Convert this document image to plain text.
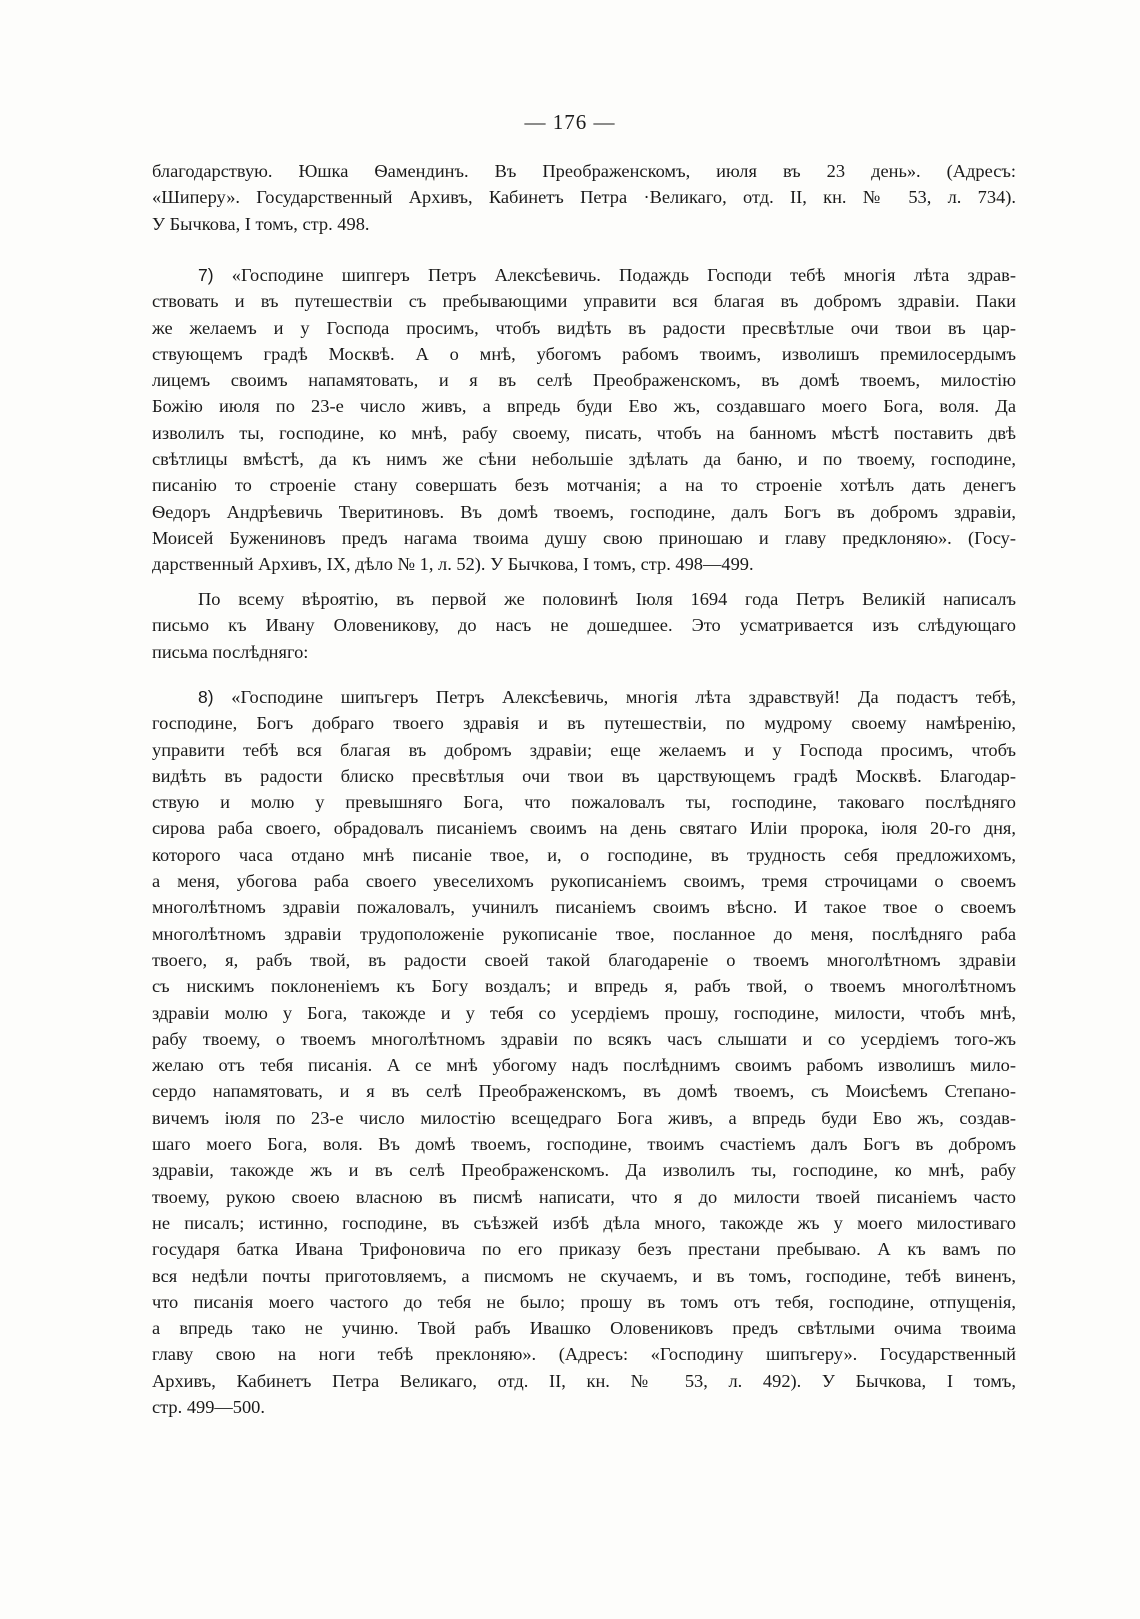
— 176 —
благодарствую. Юшка Ѳамендинъ. Въ Преображенскомъ, июля въ 23 день». (Адресъ:
«Шиперу». Государственный Архивъ, Кабинетъ Петра ·Великаго, отд. II, кн. № 53, л. 734).
У Бычкова, I томъ, стр. 498.
7) «Господине шипгеръ Петръ Алексѣевичь. Подаждь Господи тебѣ многія лѣта здрав-
ствовать и въ путешествіи съ пребывающими управити вся благая въ добромъ здравіи. Паки
же желаемъ и у Господа просимъ, чтобъ видѣть въ радости пресвѣтлые очи твои въ цар-
ствующемъ градѣ Москвѣ. А о мнѣ, убогомъ рабомъ твоимъ, изволишъ премилосердымъ
лицемъ своимъ напамятовать, и я въ селѣ Преображенскомъ, въ домѣ твоемъ, милостію
Божію июля по 23-е число живъ, а впредь буди Ево жъ, создавшаго моего Бога, воля. Да
изволилъ ты, господине, ко мнѣ, рабу своему, писать, чтобъ на банномъ мѣстѣ поставить двѣ
свѣтлицы вмѣстѣ, да къ нимъ же сѣни небольшіе здѣлать да баню, и по твоему, господине,
писанію то строеніе стану совершать безъ мотчанія; а на то строеніе хотѣлъ дать денегъ
Ѳедоръ Андрѣевичь Тверитиновъ. Въ домѣ твоемъ, господине, далъ Богъ въ добромъ здравіи,
Моисей Бужениновъ предъ нагама твоима душу свою приношаю и главу предклоняю». (Госу-
дарственный Архивъ, IX, дѣло № 1, л. 52). У Бычкова, I томъ, стр. 498—499.
По всему вѣроятію, въ первой же половинѣ Іюля 1694 года Петръ Великій написалъ
письмо къ Ивану Оловеникову, до насъ не дошедшее. Это усматривается изъ слѣдующаго
письма послѣдняго:
8) «Господине шипъгеръ Петръ Алексѣевичь, многія лѣта здравствуй! Да подастъ тебѣ,
господине, Богъ добраго твоего здравія и въ путешествіи, по мудрому своему намѣренію,
управити тебѣ вся благая въ добромъ здравіи; еще желаемъ и у Господа просимъ, чтобъ
видѣть въ радости блиско пресвѣтлыя очи твои въ царствующемъ градѣ Москвѣ. Благодар-
ствую и молю у превышняго Бога, что пожаловалъ ты, господине, таковаго послѣдняго
сирова раба своего, обрадовалъ писаніемъ своимъ на день святаго Иліи пророка, іюля 20-го дня,
которого часа отдано мнѣ писаніе твое, и, о господине, въ трудность себя предложихомъ,
а меня, убогова раба своего увеселихомъ рукописаніемъ своимъ, тремя строчицами о своемъ
многолѣтномъ здравіи пожаловалъ, учинилъ писаніемъ своимъ вѣсно. И такое твое о своемъ
многолѣтномъ здравіи трудоположеніе рукописаніе твое, посланное до меня, послѣдняго раба
твоего, я, рабъ твой, въ радости своей такой благодареніе о твоемъ многолѣтномъ здравіи
съ нискимъ поклоненіемъ къ Богу воздалъ; и впредь я, рабъ твой, о твоемъ многолѣтномъ
здравіи молю у Бога, такожде и у тебя со усердіемъ прошу, господине, милости, чтобъ мнѣ,
рабу твоему, о твоемъ многолѣтномъ здравіи по всякъ часъ слышати и со усердіемъ того-жъ
желаю отъ тебя писанія. А се мнѣ убогому надъ послѣднимъ своимъ рабомъ изволишъ мило-
сердо напамятовать, и я въ селѣ Преображенскомъ, въ домѣ твоемъ, съ Моисѣемъ Степано-
вичемъ іюля по 23-е число милостію всещедраго Бога живъ, а впредь буди Ево жъ, создав-
шаго моего Бога, воля. Въ домѣ твоемъ, господине, твоимъ счастіемъ далъ Богъ въ добромъ
здравіи, такожде жъ и въ селѣ Преображенскомъ. Да изволилъ ты, господине, ко мнѣ, рабу
твоему, рукою своею власною въ писмѣ написати, что я до милости твоей писаніемъ часто
не писалъ; истинно, господине, въ съѣзжей избѣ дѣла много, такожде жъ у моего милостиваго
государя батка Ивана Трифоновича по его приказу безъ престани пребываю. А къ вамъ по
вся недѣли почты приготовляемъ, а писмомъ не скучаемъ, и въ томъ, господине, тебѣ виненъ,
что писанія моего частого до тебя не было; прошу въ томъ отъ тебя, господине, отпущенія,
а впредь тако не учиню. Твой рабъ Ивашко Оловениковъ предъ свѣтлыми очима твоима
главу свою на ноги тебѣ преклоняю». (Адресъ: «Господину шипъгеру». Государственный
Архивъ, Кабинетъ Петра Великаго, отд. II, кн. № 53, л. 492). У Бычкова, I томъ,
стр. 499—500.
